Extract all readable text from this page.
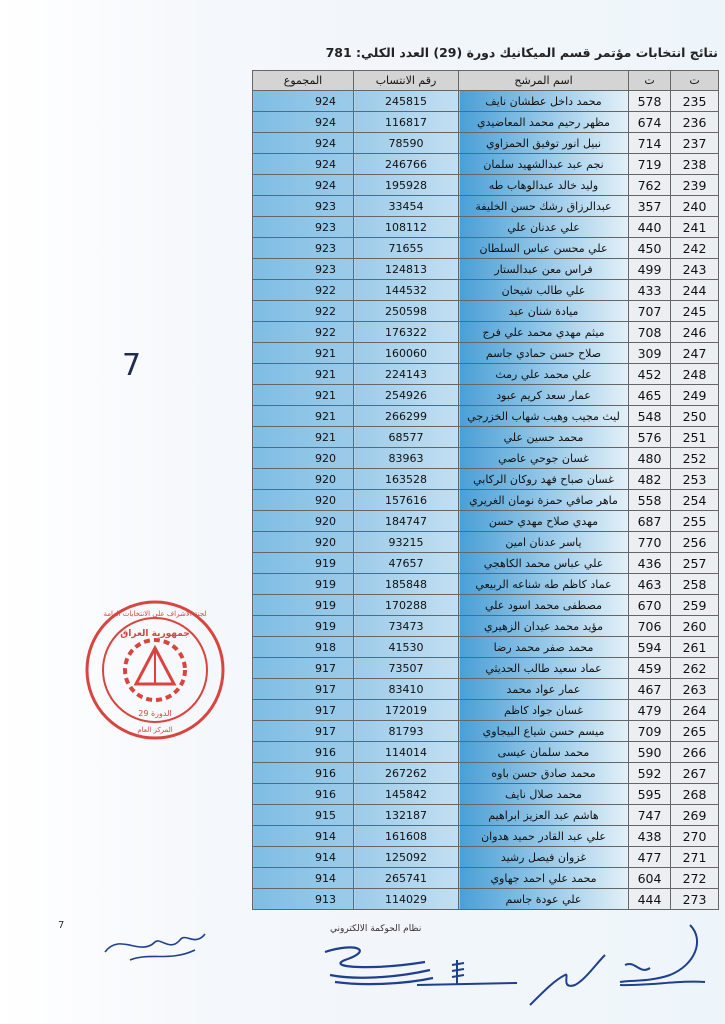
نتائج انتخابات مؤتمر قسم الميكانيك دورة (29) العدد الكلي: 781
ت	ت	اسم المرشح	رقم الانتساب	المجموع
235	578	محمد داخل عطشان نايف	245815	924
236	674	مظهر رحيم محمد المعاضيدي	116817	924
237	714	نبيل انور توفيق الحمزاوي	78590	924
238	719	نجم عبد عبدالشهيد سلمان	246766	924
239	762	وليد خالد عبدالوهاب طه	195928	924
240	357	عبدالرزاق رشك حسن الخليفة	33454	923
241	440	علي عدنان علي	108112	923
242	450	علي محسن عباس السلطان	71655	923
243	499	فراس معن عبدالستار	124813	923
244	433	علي طالب شيحان	144532	922
245	707	ميادة شنان عبد	250598	922
246	708	ميثم مهدي محمد علي فرج	176322	922
247	309	صلاح حسن حمادي جاسم	160060	921
248	452	علي محمد علي رمث	224143	921
249	465	عمار سعد كريم عبود	254926	921
250	548	ليث مجيب وهيب شهاب الخزرجي	266299	921
251	576	محمد حسين علي	68577	921
252	480	غسان جوحي عاصي	83963	920
253	482	غسان صباح فهد روكان الركابي	163528	920
254	558	ماهر صافي حمزة نومان الغريري	157616	920
255	687	مهدي صلاح مهدي حسن	184747	920
256	770	ياسر عدنان امين	93215	920
257	436	علي عباس محمد الكاهجي	47657	919
258	463	عماد كاظم طه شناعه الربيعي	185848	919
259	670	مصطفى محمد اسود علي	170288	919
260	706	مؤيد محمد عيدان الزهيري	73473	919
261	594	محمد صفر محمد رضا	41530	918
262	459	عماد سعيد طالب الحديثي	73507	917
263	467	عمار عواد محمد	83410	917
264	479	غسان جواد كاظم	172019	917
265	709	ميسم حسن شياع البيجاوي	81793	917
266	590	محمد سلمان عيسى	114014	916
267	592	محمد صادق حسن باوه	267262	916
268	595	محمد صلال نايف	145842	916
269	747	هاشم عبد العزيز ابراهيم	132187	915
270	438	علي عبد القادر حميد هدوان	161608	914
271	477	غزوان فيصل رشيد	125092	914
272	604	محمد علي احمد جهاوي	265741	914
273	444	علي عودة جاسم	114029	913
7
لجنة الاشراف على الانتخابات العامة
جمهورية العراق
الدورة 29
المركز العام
7	نظام الحوكمة الالكتروني
